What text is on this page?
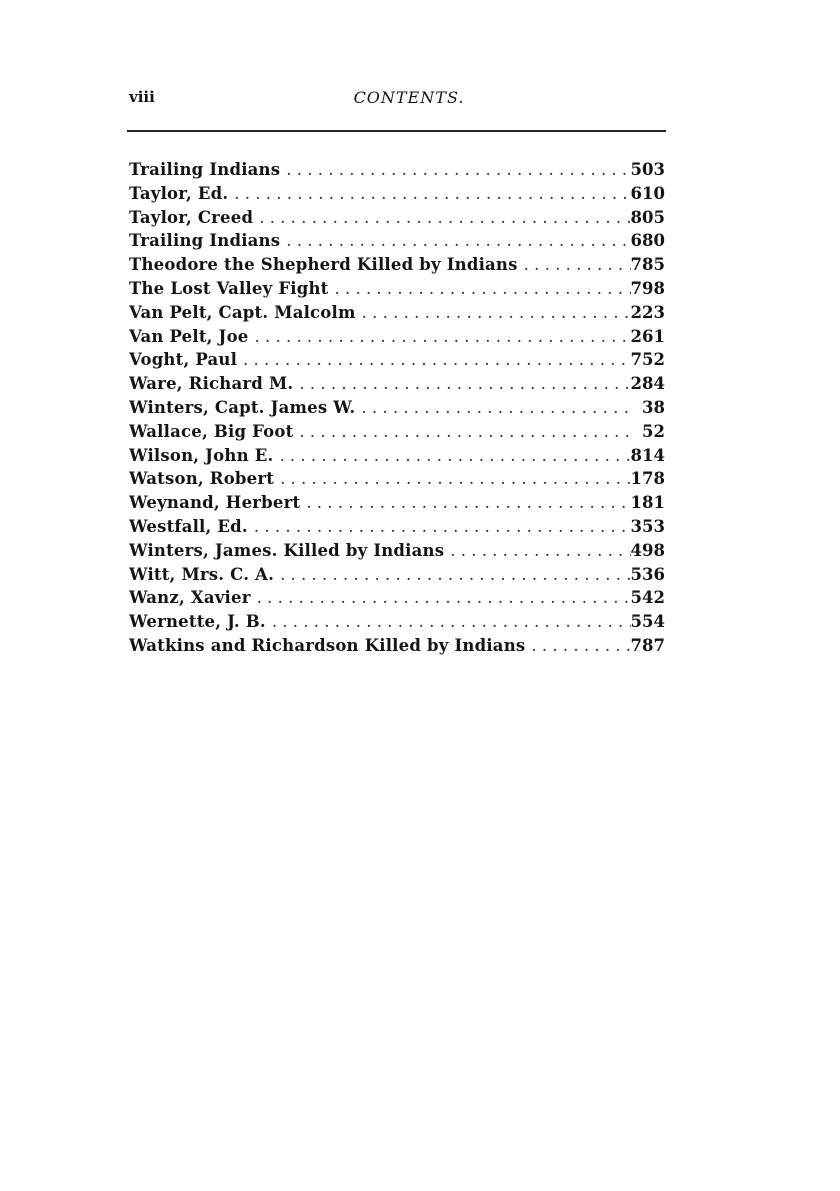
viii	CONTENTS.
Trailing Indians . . .	503
Taylor, Ed. . . .	610
Taylor, Creed . . .	805
Trailing Indians . . .	680
Theodore the Shepherd Killed by Indians . . .	785
The Lost Valley Fight . . .	798
Van Pelt, Capt. Malcolm . . .	223
Van Pelt, Joe . . .	261
Voght, Paul . . .	752
Ware, Richard M. . . .	284
Winters, Capt. James W. . . .	38
Wallace, Big Foot . . .	52
Wilson, John E. . . .	814
Watson, Robert . . .	178
Weynand, Herbert . . .	181
Westfall, Ed. . . .	353
Winters, James. Killed by Indians . . .	498
Witt, Mrs. C. A. . . .	536
Wanz, Xavier . . .	542
Wernette, J. B. . . .	554
Watkins and Richardson Killed by Indians . . .	787
